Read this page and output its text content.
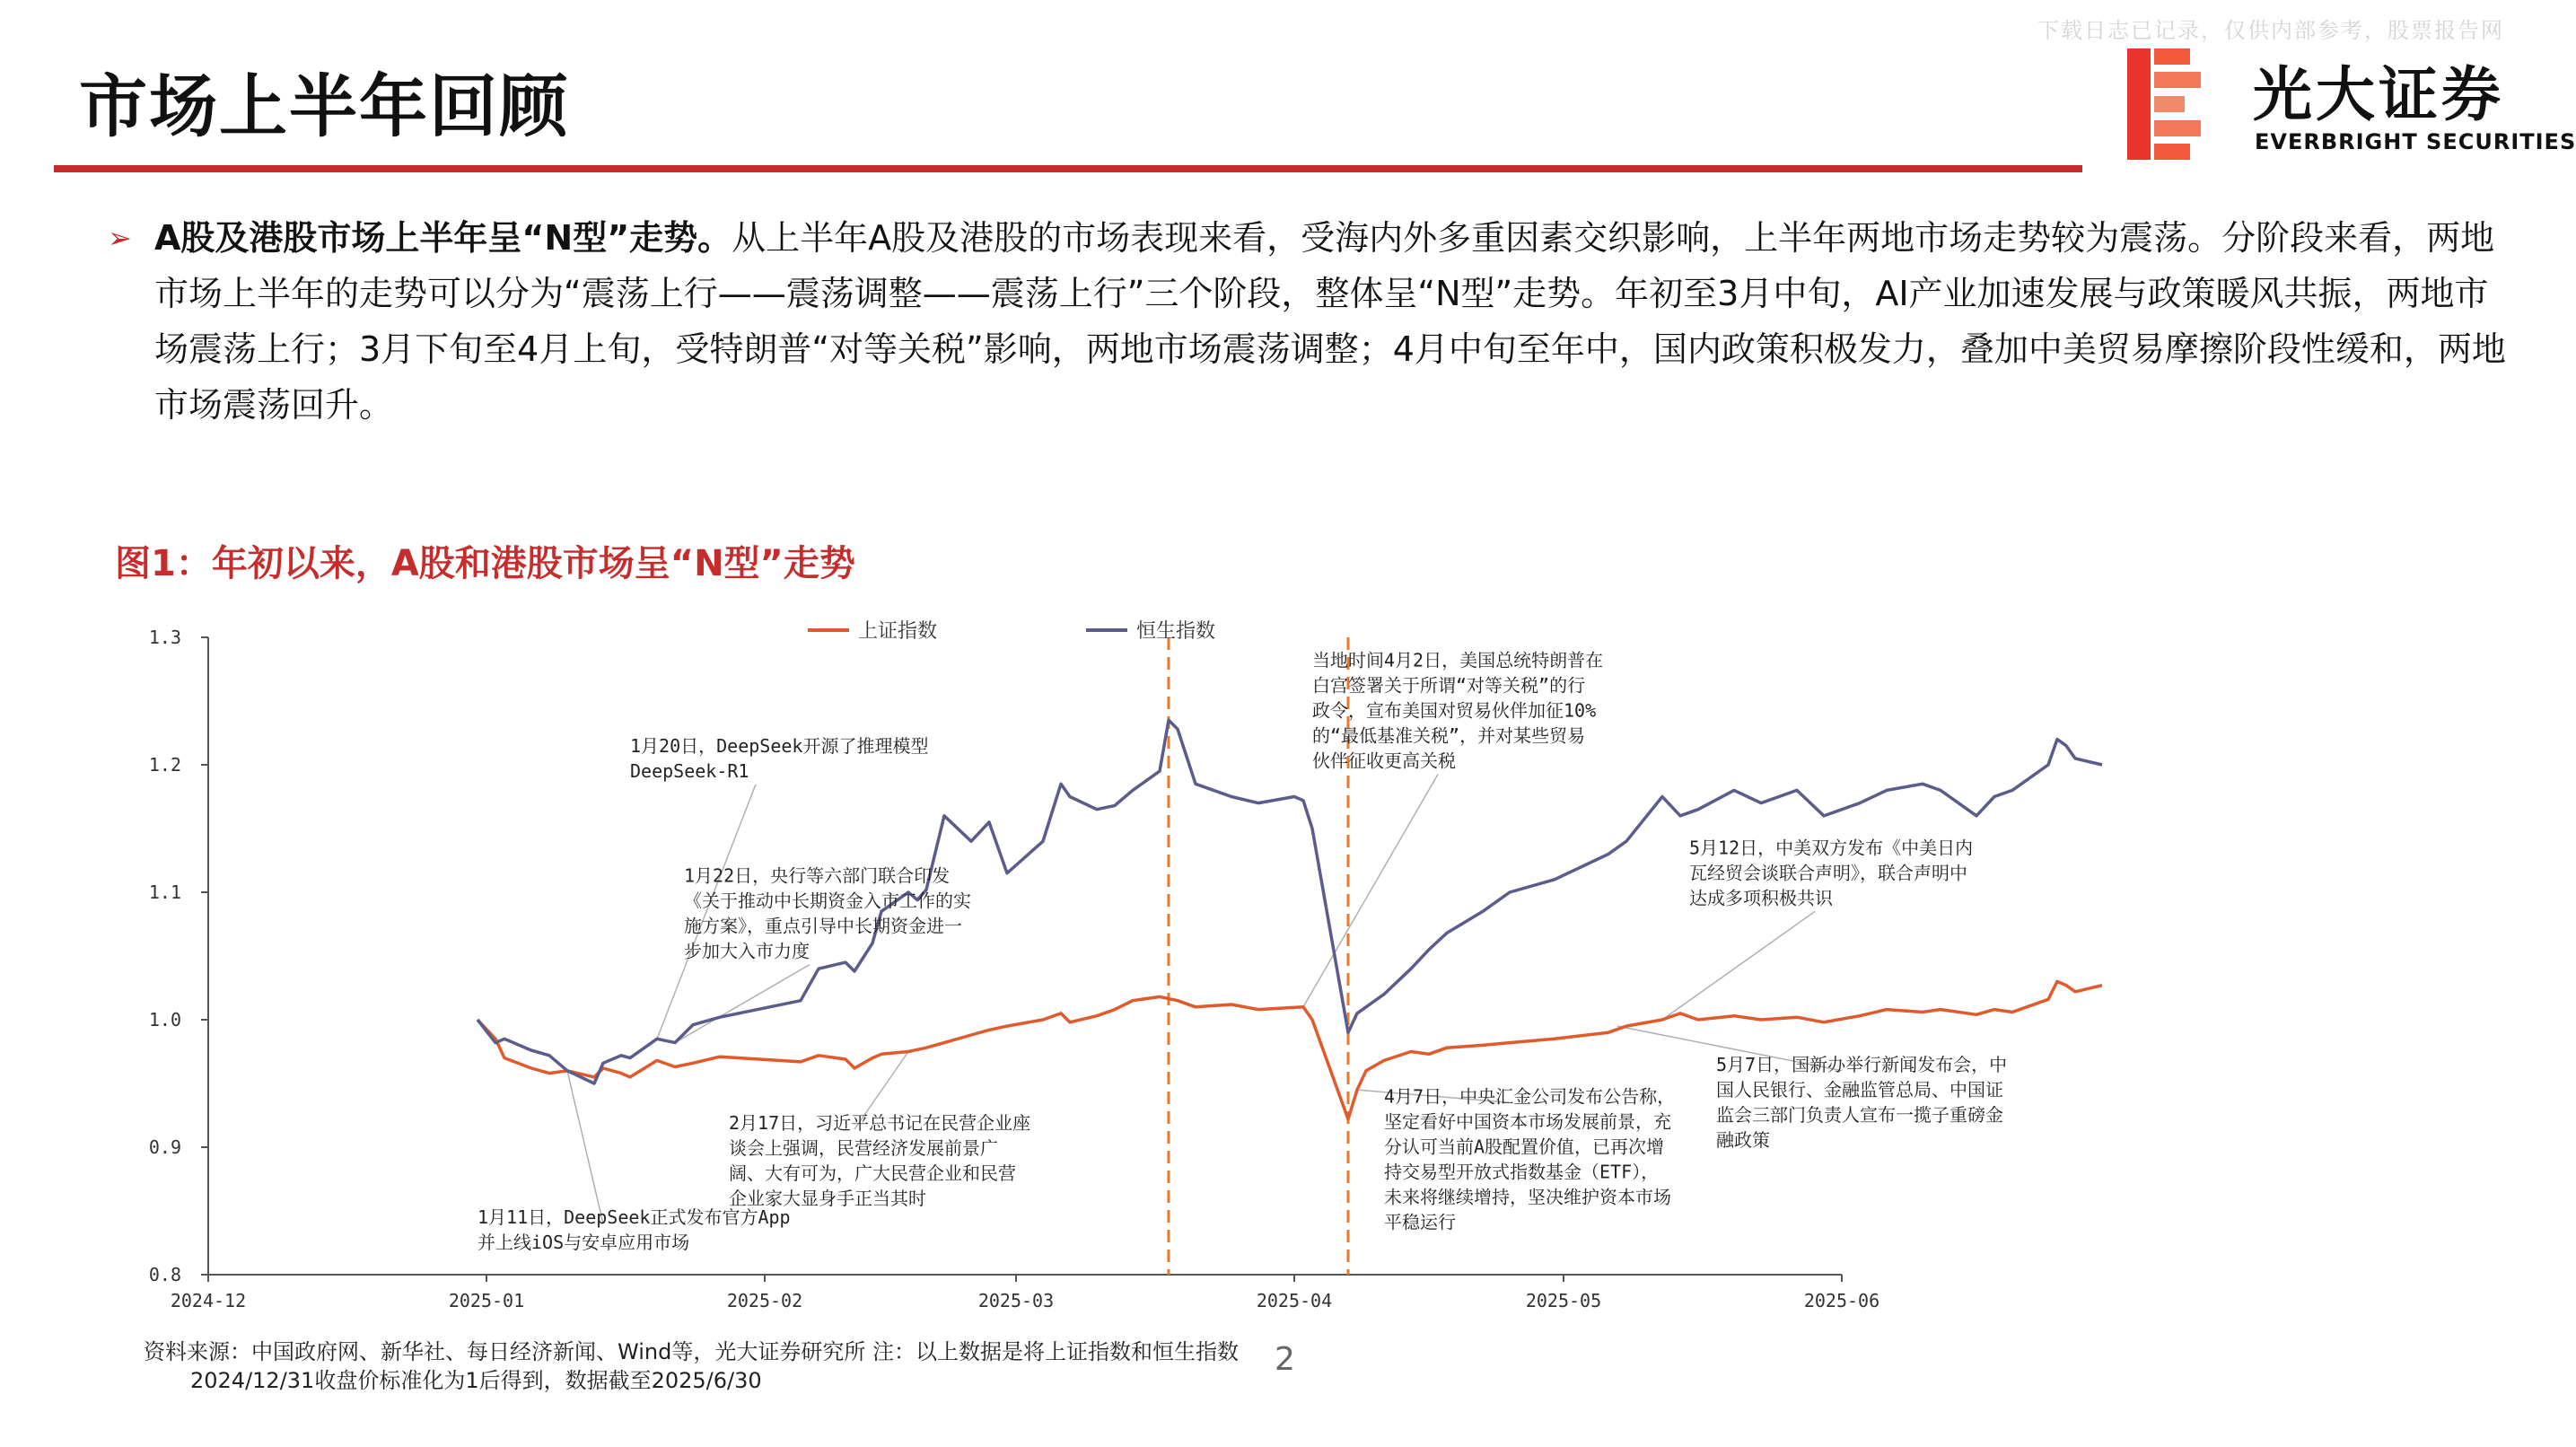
下载日志已记录，仅供内部参考，股票报告网
市场上半年回顾	光大证券
EVERBRIGHT SECURITIES
➢ A股及港股市场上半年呈“N型”走势。从上半年A股及港股的市场表现来看，受海内外多重因素交织影响，上半年两地市场走势较为震荡。分阶段来看，两地市场上半年的走势可以分为“震荡上行——震荡调整——震荡上行”三个阶段，整体呈“N型”走势。年初至3月中旬，AI产业加速发展与政策暖风共振，两地市场震荡上行；3月下旬至4月上旬，受特朗普“对等关税”影响，两地市场震荡调整；4月中旬至年中，国内政策积极发力，叠加中美贸易摩擦阶段性缓和，两地市场震荡回升。
图1：年初以来，A股和港股市场呈“N型”走势
0.8
0.9
1.0
1.1
1.2
1.3
2024-12	2025-01	2025-02	2025-03	2025-04	2025-05	2025-06
上证指数	恒生指数
1月20日，DeepSeek开源了推理模型 DeepSeek-R1
1月22日，央行等六部门联合印发《关于推动中长期资金入市工作的实施方案》，重点引导中长期资金进一步加大入市力度
1月11日，DeepSeek正式发布官方App 并上线iOS与安卓应用市场
2月17日，习近平总书记在民营企业座谈会上强调，民营经济发展前景广阔、大有可为，广大民营企业和民营企业家大显身手正当其时
当地时间4月2日，美国总统特朗普在白宫签署关于所谓“对等关税”的行政令，宣布美国对贸易伙伴加征10%的“最低基准关税”，并对某些贸易伙伴征收更高关税
4月7日，中央汇金公司发布公告称，坚定看好中国资本市场发展前景，充分认可当前A股配置价值，已再次增持交易型开放式指数基金（ETF），未来将继续增持，坚决维护资本市场平稳运行
5月12日，中美双方发布《中美日内瓦经贸会谈联合声明》，联合声明中达成多项积极共识
5月7日，国新办举行新闻发布会，中国人民银行、金融监管总局、中国证监会三部门负责人宣布一揽子重磅金融政策
资料来源：中国政府网、新华社、每日经济新闻、Wind等，光大证券研究所 注：以上数据是将上证指数和恒生指数
2024/12/31收盘价标准化为1后得到，数据截至2025/6/30
2
